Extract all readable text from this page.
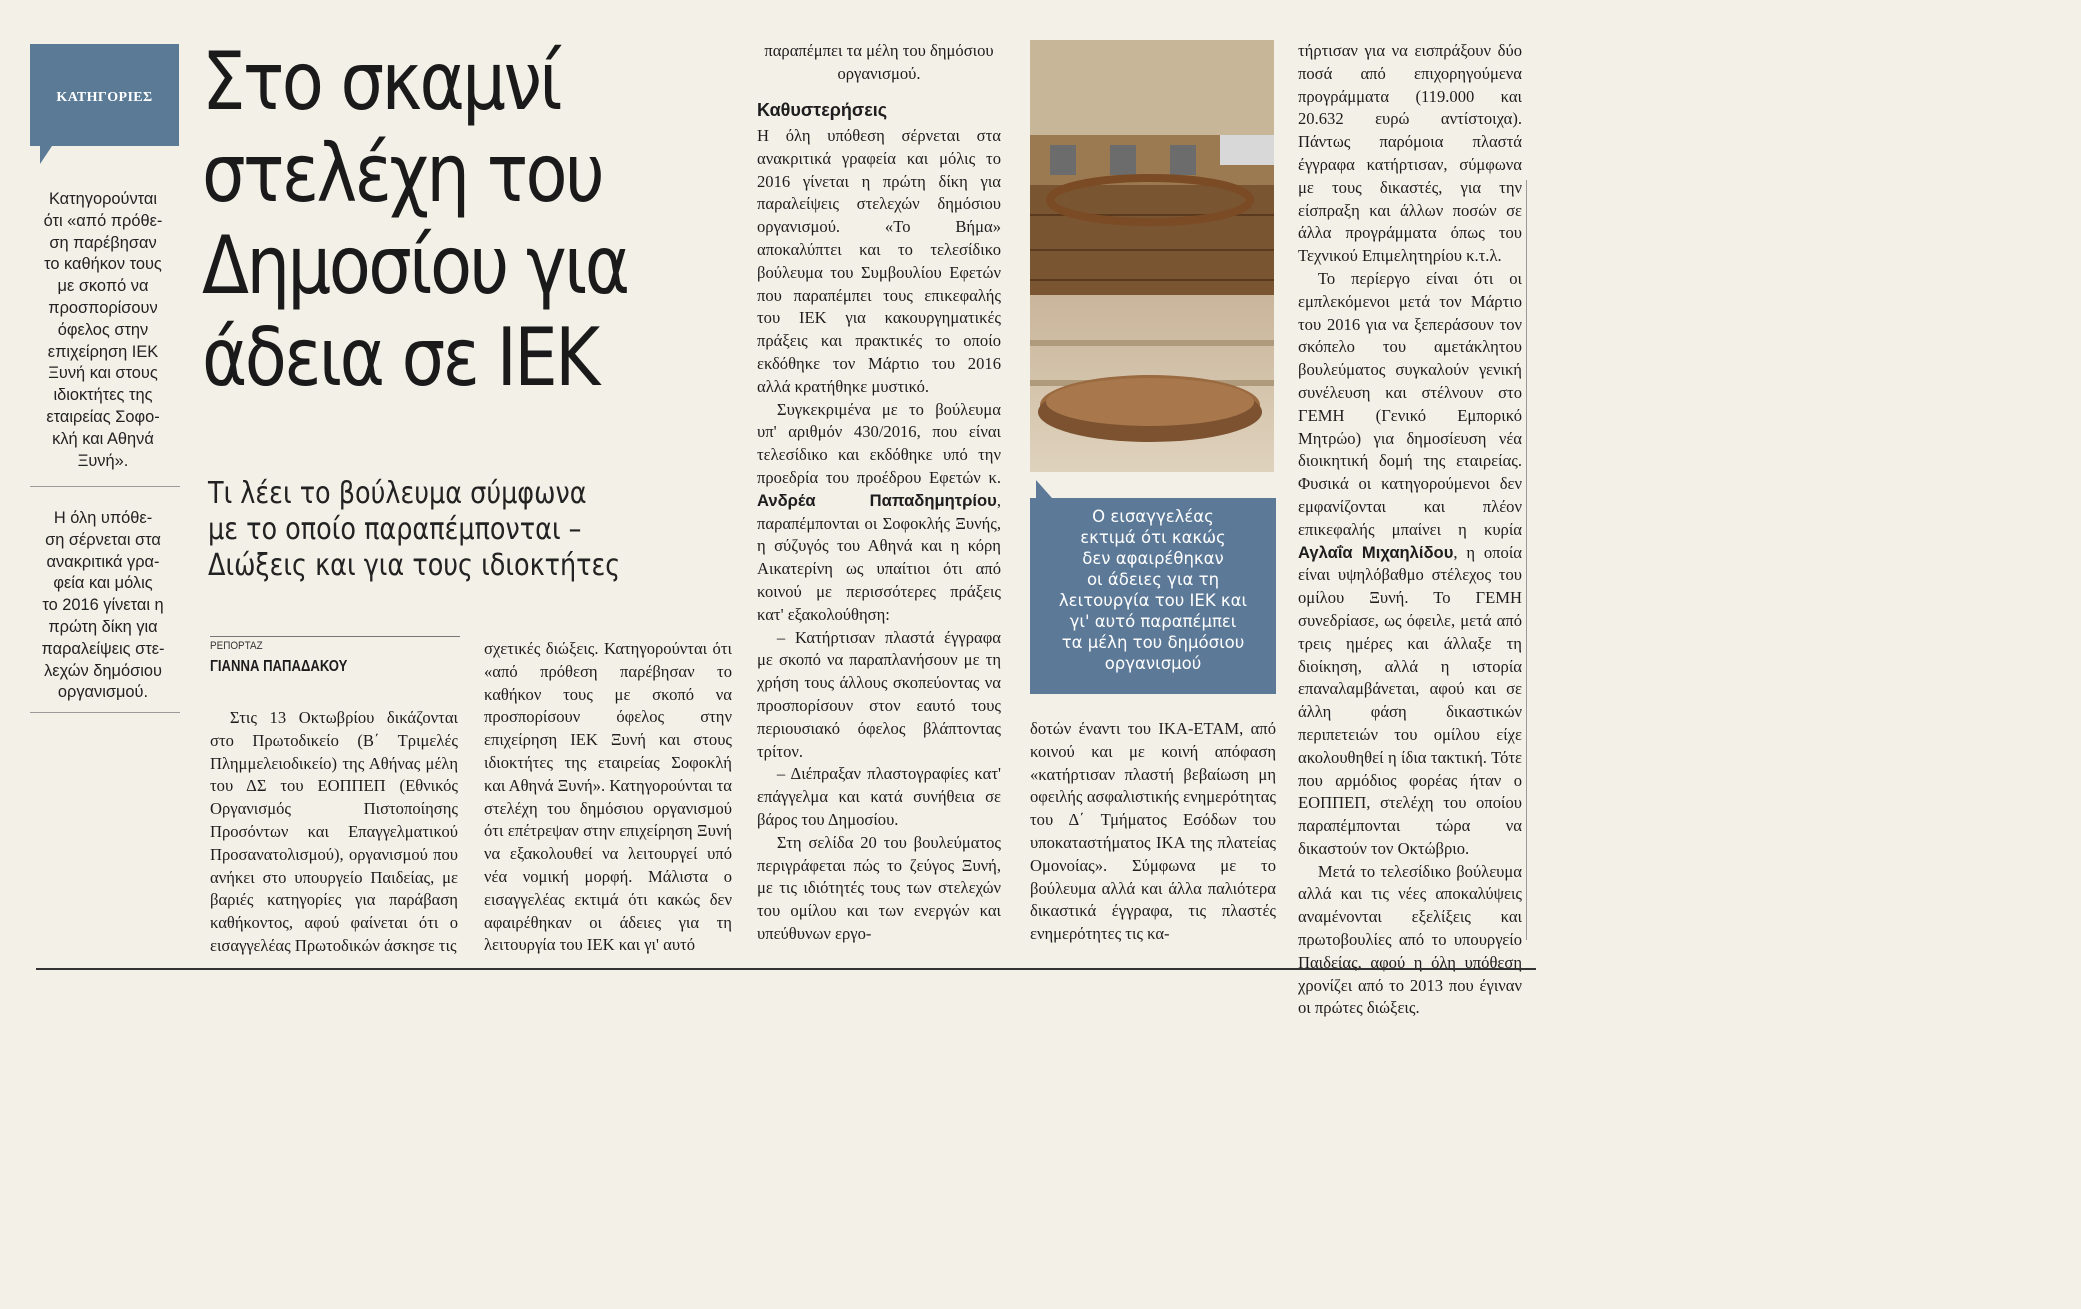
ΚΑΤΗΓΟΡΙΕΣ
Κατηγορούνται
ότι «από πρόθε-
ση παρέβησαν
το καθήκον τους
με σκοπό να
προσπορίσουν
όφελος στην
επιχείρηση ΙΕΚ
Ξυνή και στους
ιδιοκτήτες της
εταιρείας Σοφο-
κλή και Αθηνά
Ξυνή».
Η όλη υπόθε-
ση σέρνεται στα
ανακριτικά γρα-
φεία και μόλις
το 2016 γίνεται η
πρώτη δίκη για
παραλείψεις στε-
λεχών δημόσιου
οργανισμού.
Στο σκαμνί
στελέχη του
Δημοσίου για
άδεια σε ΙΕΚ
Τι λέει το βούλευμα σύμφωνα
με το οποίο παραπέμπονται –
Διώξεις και για τους ιδιοκτήτες
ΡΕΠΟΡΤΑΖ
ΓΙΑΝΝΑ ΠΑΠΑΔΑΚΟΥ

Στις 13 Οκτωβρίου δικάζονται στο Πρωτοδικείο (Β΄ Τριμελές Πλημμελειοδικείο) της Αθήνας μέλη του ΔΣ του ΕΟΠΠΕΠ (Εθνικός Οργανισμός Πιστοποίησης Προσόντων και Επαγγελματικού Προσανατολισμού), οργανισμού που ανήκει στο υπουργείο Παιδείας, με βαριές κατηγορίες για παράβαση καθήκοντος, αφού φαίνεται ότι ο εισαγγελέας Πρωτοδικών άσκησε τις

σχετικές διώξεις. Κατηγορούνται ότι «από πρόθεση παρέβησαν το καθήκον τους με σκοπό να προσπορίσουν όφελος στην επιχείρηση ΙΕΚ Ξυνή και στους ιδιοκτήτες της εταιρείας Σοφοκλή και Αθηνά Ξυνή». Κατηγορούνται τα στελέχη του δημόσιου οργανισμού ότι επέτρεψαν στην επιχείρηση Ξυνή να εξακολουθεί να λειτουργεί υπό νέα νομική μορφή. Μάλιστα ο εισαγγελέας εκτιμά ότι κακώς δεν αφαιρέθηκαν οι άδειες για τη λειτουργία του ΙΕΚ και γι' αυτό

παραπέμπει τα μέλη του δημόσιου οργανισμού.

Καθυστερήσεις

Η όλη υπόθεση σέρνεται στα ανακριτικά γραφεία και μόλις το 2016 γίνεται η πρώτη δίκη για παραλείψεις στελεχών δημόσιου οργανισμού. «Το Βήμα» αποκαλύπτει και το τελεσίδικο βούλευμα του Συμβουλίου Εφετών που παραπέμπει τους επικεφαλής του ΙΕΚ για κακουργηματικές πράξεις και πρακτικές το οποίο εκδόθηκε τον Μάρτιο του 2016 αλλά κρατήθηκε μυστικό.

Συγκεκριμένα με το βούλευμα υπ' αριθμόν 430/2016, που είναι τελεσίδικο και εκδόθηκε υπό την προεδρία του προέδρου Εφετών κ. Ανδρέα Παπαδημητρίου, παραπέμπονται οι Σοφοκλής Ξυνής, η σύζυγός του Αθηνά και η κόρη Αικατερίνη ως υπαίτιοι ότι από κοινού με περισσότερες πράξεις κατ' εξακολούθηση:

– Κατήρτισαν πλαστά έγγραφα με σκοπό να παραπλανήσουν με τη χρήση τους άλλους σκοπεύοντας να προσπορίσουν στον εαυτό τους περιουσιακό όφελος βλάπτοντας τρίτον.

– Διέπραξαν πλαστογραφίες κατ' επάγγελμα και κατά συνήθεια σε βάρος του Δημοσίου.

Στη σελίδα 20 του βουλεύματος περιγράφεται πώς το ζεύγος Ξυνή, με τις ιδιότητές τους των στελεχών του ομίλου και των ενεργών και υπεύθυνων εργο-

Ο εισαγγελέας
εκτιμά ότι κακώς
δεν αφαιρέθηκαν
οι άδειες για τη
λειτουργία του ΙΕΚ και
γι' αυτό παραπέμπει
τα μέλη του δημόσιου
οργανισμού

δοτών έναντι του ΙΚΑ-ΕΤΑΜ, από κοινού και με κοινή απόφαση «κατήρτισαν πλαστή βεβαίωση μη οφειλής ασφαλιστικής ενημερότητας του Δ΄ Τμήματος Εσόδων του υποκαταστήματος ΙΚΑ της πλατείας Ομονοίας». Σύμφωνα με το βούλευμα αλλά και άλλα παλιότερα δικαστικά έγγραφα, τις πλαστές ενημερότητες τις κα-

τήρτισαν για να εισπράξουν δύο ποσά από επιχορηγούμενα προγράμματα (119.000 και 20.632 ευρώ αντίστοιχα). Πάντως παρόμοια πλαστά έγγραφα κατήρτισαν, σύμφωνα με τους δικαστές, για την είσπραξη και άλλων ποσών σε άλλα προγράμματα όπως του Τεχνικού Επιμελητηρίου κ.τ.λ.

Το περίεργο είναι ότι οι εμπλεκόμενοι μετά τον Μάρτιο του 2016 για να ξεπεράσουν τον σκόπελο του αμετάκλητου βουλεύματος συγκαλούν γενική συνέλευση και στέλνουν στο ΓΕΜΗ (Γενικό Εμπορικό Μητρώο) για δημοσίευση νέα διοικητική δομή της εταιρείας. Φυσικά οι κατηγορούμενοι δεν εμφανίζονται και πλέον επικεφαλής μπαίνει η κυρία Αγλαΐα Μιχαηλίδου, η οποία είναι υψηλόβαθμο στέλεχος του ομίλου Ξυνή. Το ΓΕΜΗ συνεδρίασε, ως όφειλε, μετά από τρεις ημέρες και άλλαξε τη διοίκηση, αλλά η ιστορία επαναλαμβάνεται, αφού και σε άλλη φάση δικαστικών περιπετειών του ομίλου είχε ακολουθηθεί η ίδια τακτική. Τότε που αρμόδιος φορέας ήταν ο ΕΟΠΠΕΠ, στελέχη του οποίου παραπέμπονται τώρα να δικαστούν τον Οκτώβριο.

Μετά το τελεσίδικο βούλευμα αλλά και τις νέες αποκαλύψεις αναμένονται εξελίξεις και πρωτοβουλίες από το υπουργείο Παιδείας, αφού η όλη υπόθεση χρονίζει από το 2013 που έγιναν οι πρώτες διώξεις.
